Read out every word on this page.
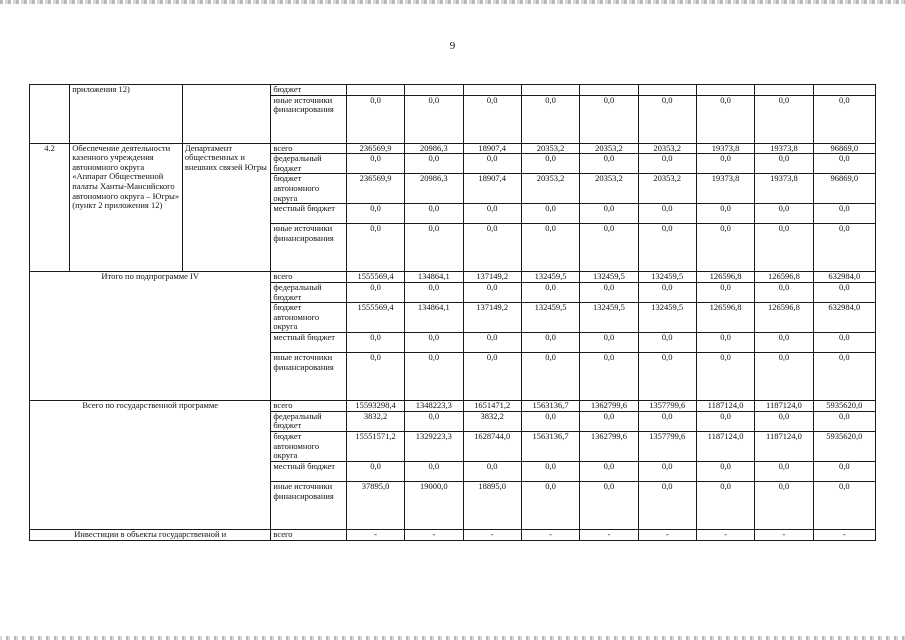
9
	приложения 12)		бюджет									
			иные источники финансирования	0,0	0,0	0,0	0,0	0,0	0,0	0,0	0,0	0,0
4.2	Обеспечение деятельности казенного учреждения автономного округа «Аппарат Общественной палаты Ханты-Мансийского автономного округа – Югры» (пункт 2 приложения 12)	Департамент общественных и внешних связей Югры	всего	236569,9	20986,3	18907,4	20353,2	20353,2	20353,2	19373,8	19373,8	96869,0
			федеральный бюджет	0,0	0,0	0,0	0,0	0,0	0,0	0,0	0,0	0,0
			бюджет автономного округа	236569,9	20986,3	18907,4	20353,2	20353,2	20353,2	19373,8	19373,8	96869,0
			местный бюджет	0,0	0,0	0,0	0,0	0,0	0,0	0,0	0,0	0,0
			иные источники финансирования	0,0	0,0	0,0	0,0	0,0	0,0	0,0	0,0	0,0
Итого по подпрограмме IV			всего	1555569,4	134864,1	137149,2	132459,5	132459,5	132459,5	126596,8	126596,8	632984,0
			федеральный бюджет	0,0	0,0	0,0	0,0	0,0	0,0	0,0	0,0	0,0
			бюджет автономного округа	1555569,4	134864,1	137149,2	132459,5	132459,5	132459,5	126596,8	126596,8	632984,0
			местный бюджет	0,0	0,0	0,0	0,0	0,0	0,0	0,0	0,0	0,0
			иные источники финансирования	0,0	0,0	0,0	0,0	0,0	0,0	0,0	0,0	0,0
Всего по государственной программе			всего	15593298,4	1348223,3	1651471,2	1563136,7	1362799,6	1357799,6	1187124,0	1187124,0	5935620,0
			федеральный бюджет	3832,2	0,0	3832,2	0,0	0,0	0,0	0,0	0,0	0,0
			бюджет автономного округа	15551571,2	1329223,3	1628744,0	1563136,7	1362799,6	1357799,6	1187124,0	1187124,0	5935620,0
			местный бюджет	0,0	0,0	0,0	0,0	0,0	0,0	0,0	0,0	0,0
			иные источники финансирования	37895,0	19000,0	18895,0	0,0	0,0	0,0	0,0	0,0	0,0
Инвестиции в объекты государственной и			всего	-	-	-	-	-	-	-	-	-
